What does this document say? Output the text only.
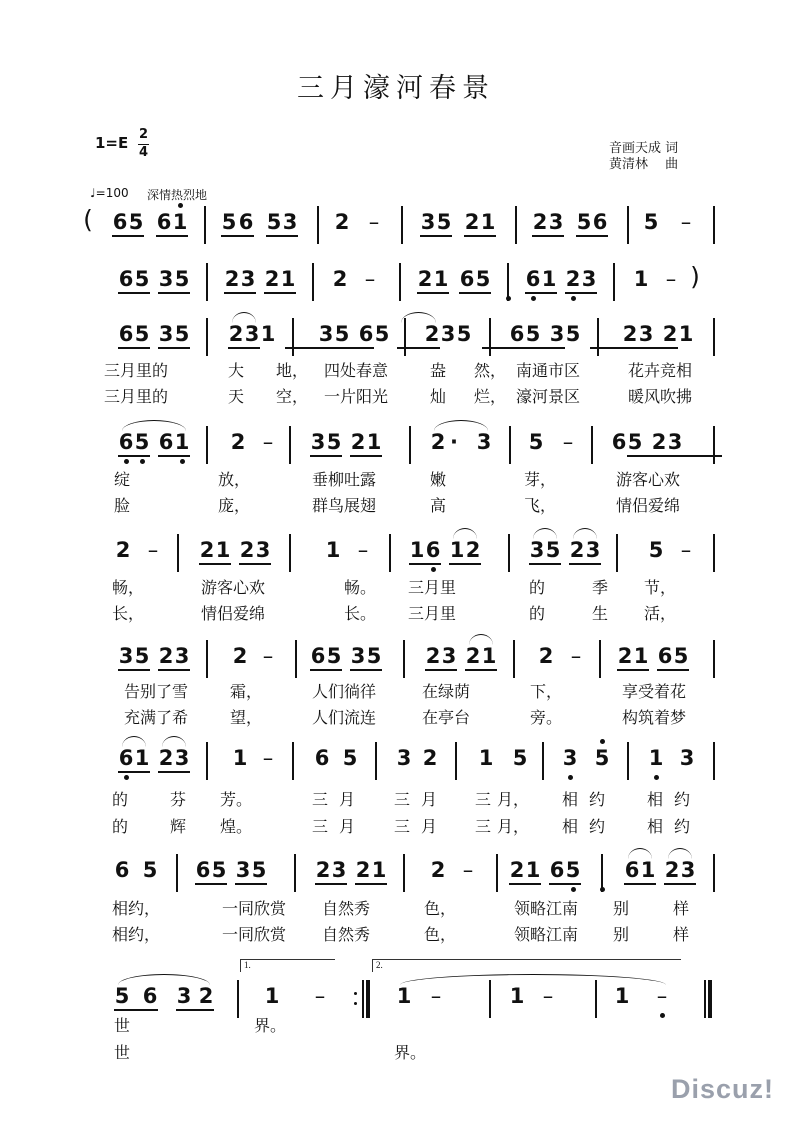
三月濠河春景
1=E 2
4	音画天成 词
黄清林　 曲
♩=100 深情热烈地
( 6 5 6 1 5 6 5 3 2 – 3 5 2 1 2 3 5 6 5 –
6 5 3 5 2 3 2 1 2 – 2 1 6 5 6 1 2 3 1 – )
6 5 3 5 2 3 1 3 5 6 5 2 3 5 6 5 3 5 2 3 2 1
三月里的	大 地， 四处春意	盎 然， 南通市区	花卉竞相
三月里的	天 空， 一片阳光	灿 烂， 濠河景区	暖风吹拂
6 5 6 1 2 – 3 5 2 1 2 · 3 5 – 6 5 2 3
绽	放，	垂柳吐露	嫩	芽，	游客心欢
脸	庞，	群鸟展翅	高	飞，	情侣爱绵
2 – 2 1 2 3	1 – 1 6 1 2 3 5 2 3 5 –
畅，	游客心欢	畅。 三月里	的	季 节，
长，	情侣爱绵	长。 三月里	的	生 活，
3 5 2 3 2 – 6 5 3 5 2 3 2 1 2 – 2 1 6 5
告别了雪	霜，	人们徜徉	在绿荫	下，	享受着花
充满了希	望，	人们流连	在亭台	旁。	构筑着梦
6 1 2 3 1 – 6 5 3 2 1 5 3 5 1 3
的	芬 芳。	三 月 三 月 三 月， 相 约	相 约
的	辉 煌。	三 月 三 月 三 月， 相 约	相 约
6 5 6 5 3 5 2 3 2 1 2 – 2 1 6 5 6 1 2 3
相约，	一同欣赏 自然秀	色，	领略江南 别	样
相约，	一同欣赏 自然秀	色，	领略江南 别	样
5 6 3 2 1 –	1 –	1 –	1 –
世	界。
世	界。
1.	2.
Discuz!
